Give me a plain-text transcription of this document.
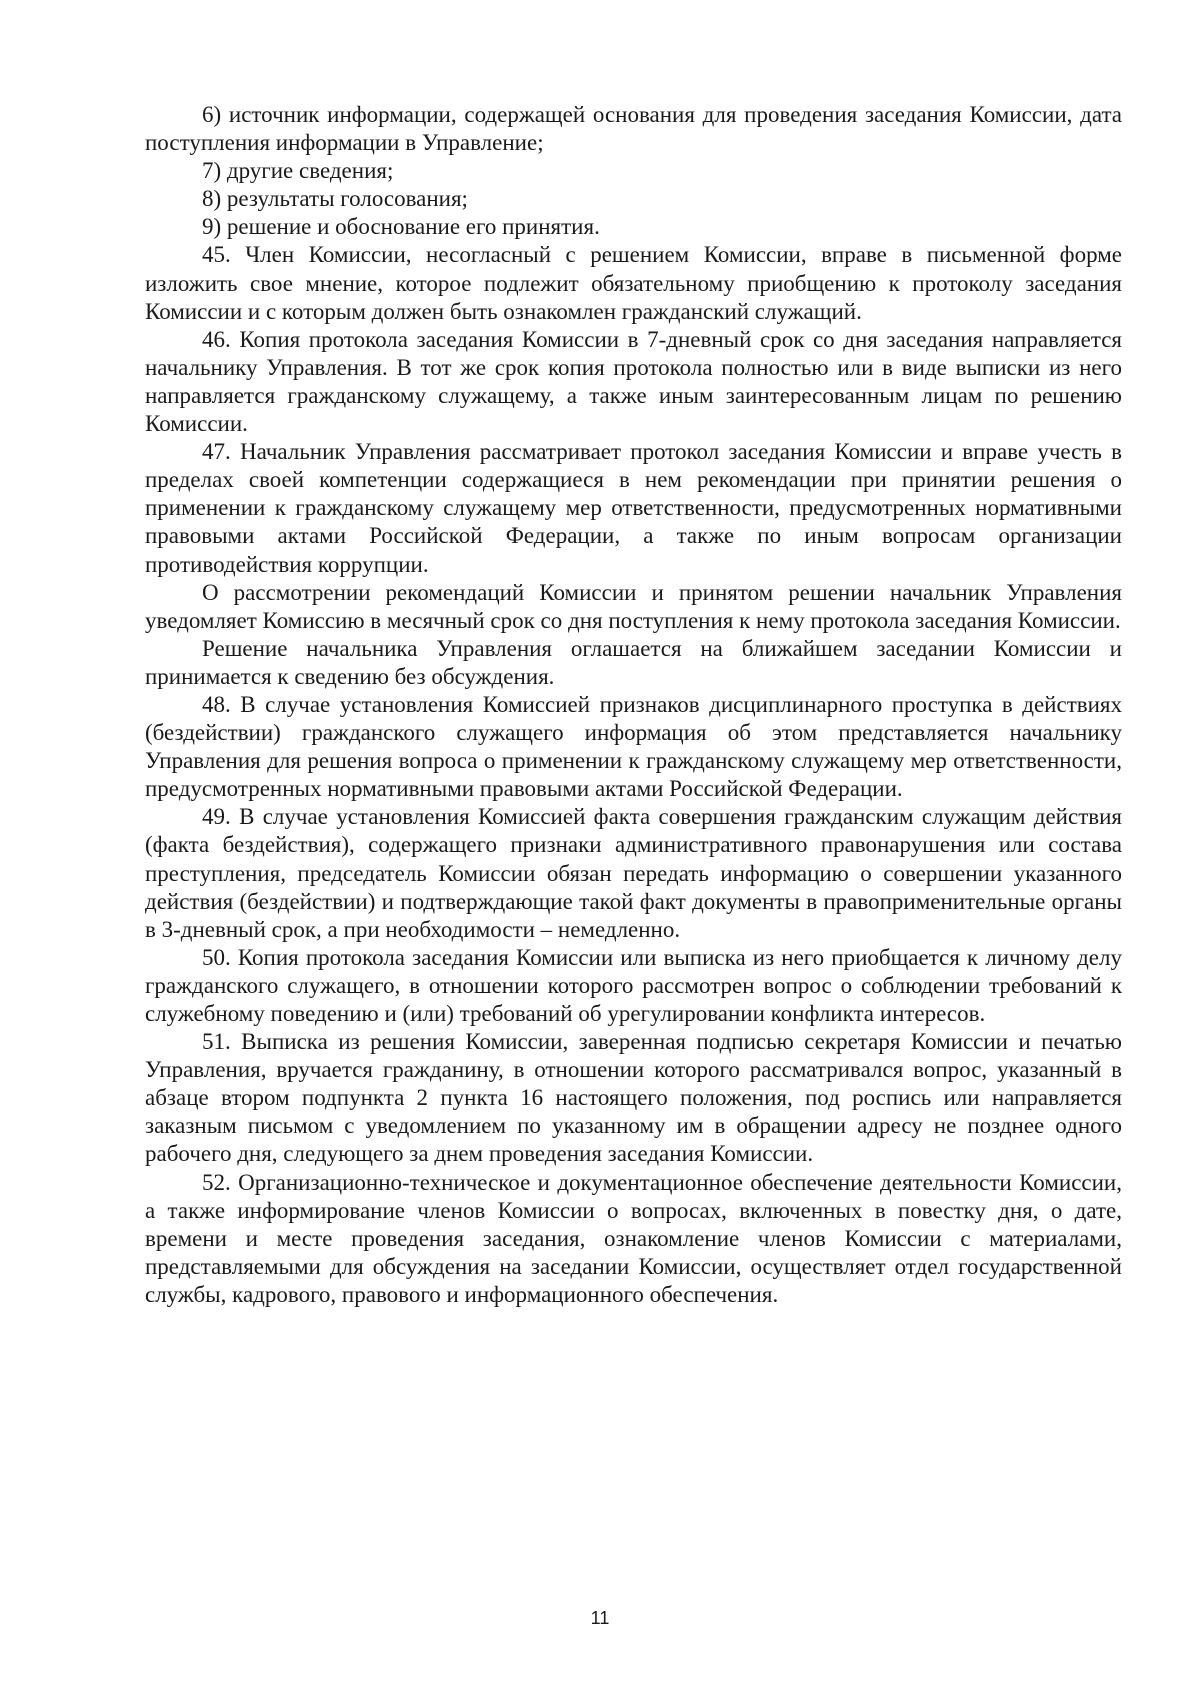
6) источник информации, содержащей основания для проведения заседания Комиссии, дата поступления информации в Управление;

7) другие сведения;

8) результаты голосования;

9) решение и обоснование его принятия.

45. Член Комиссии, несогласный с решением Комиссии, вправе в письменной форме изложить свое мнение, которое подлежит обязательному приобщению к протоколу заседания Комиссии и с которым должен быть ознакомлен гражданский служащий.

46. Копия протокола заседания Комиссии в 7-дневный срок со дня заседания направляется начальнику Управления. В тот же срок копия протокола полностью или в виде выписки из него направляется гражданскому служащему, а также иным заинтересованным лицам по решению Комиссии.

47. Начальник Управления рассматривает протокол заседания Комиссии и вправе учесть в пределах своей компетенции содержащиеся в нем рекомендации при принятии решения о применении к гражданскому служащему мер ответственности, предусмотренных нормативными правовыми актами Российской Федерации, а также по иным вопросам организации противодействия коррупции.

О рассмотрении рекомендаций Комиссии и принятом решении начальник Управления уведомляет Комиссию в месячный срок со дня поступления к нему протокола заседания Комиссии.

Решение начальника Управления оглашается на ближайшем заседании Комиссии и принимается к сведению без обсуждения.

48. В случае установления Комиссией признаков дисциплинарного проступка в действиях (бездействии) гражданского служащего информация об этом представляется начальнику Управления для решения вопроса о применении к гражданскому служащему мер ответственности, предусмотренных нормативными правовыми актами Российской Федерации.

49. В случае установления Комиссией факта совершения гражданским служащим действия (факта бездействия), содержащего признаки административного правонарушения или состава преступления, председатель Комиссии обязан передать информацию о совершении указанного действия (бездействии) и подтверждающие такой факт документы в правоприменительные органы в 3-дневный срок, а при необходимости – немедленно.

50. Копия протокола заседания Комиссии или выписка из него приобщается к личному делу гражданского служащего, в отношении которого рассмотрен вопрос о соблюдении требований к служебному поведению и (или) требований об урегулировании конфликта интересов.

51. Выписка из решения Комиссии, заверенная подписью секретаря Комиссии и печатью Управления, вручается гражданину, в отношении которого рассматривался вопрос, указанный в абзаце втором подпункта 2 пункта 16 настоящего положения, под роспись или направляется заказным письмом с уведомлением по указанному им в обращении адресу не позднее одного рабочего дня, следующего за днем проведения заседания Комиссии.

52. Организационно-техническое и документационное обеспечение деятельности Комиссии, а также информирование членов Комиссии о вопросах, включенных в повестку дня, о дате, времени и месте проведения заседания, ознакомление членов Комиссии с материалами, представляемыми для обсуждения на заседании Комиссии, осуществляет отдел государственной службы, кадрового, правового и информационного обеспечения.

11
